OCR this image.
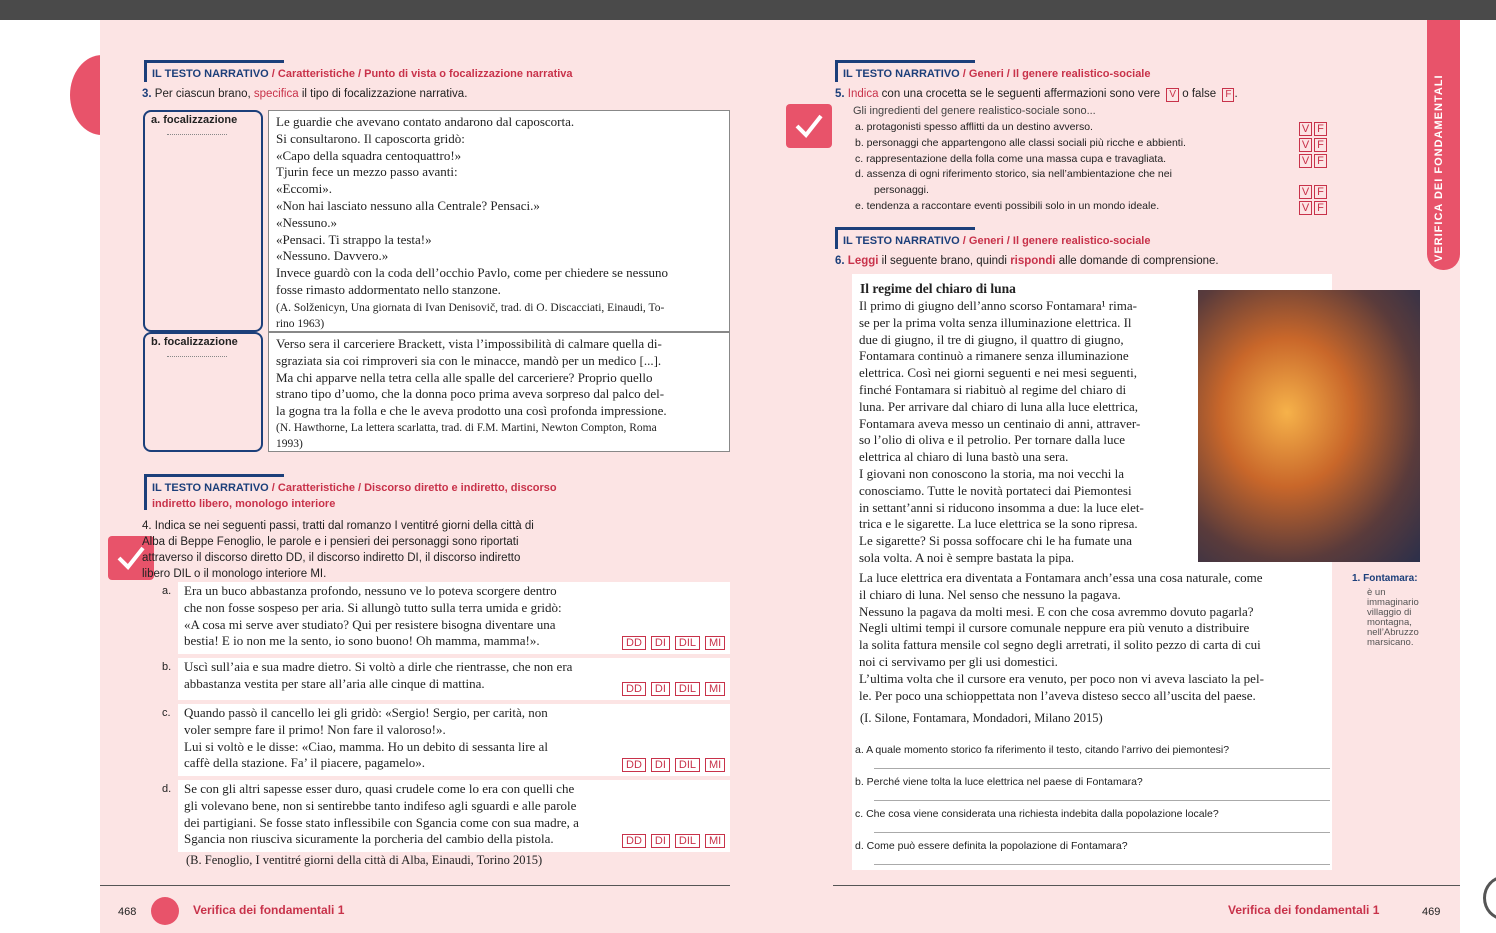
VERIFICA DEI FONDAMENTALI
IL TESTO NARRATIVO / Caratteristiche / Punto di vista o focalizzazione narrativa
3. Per ciascun brano, specifica il tipo di focalizzazione narrativa.
a. focalizzazione
b. focalizzazione
Le guardie che avevano contato andarono dal caposcorta.
Si consultarono. Il caposcorta gridò:
«Capo della squadra centoquattro!»
Tjurin fece un mezzo passo avanti:
«Eccomi».
«Non hai lasciato nessuno alla Centrale? Pensaci.»
«Nessuno.»
«Pensaci. Ti strappo la testa!»
«Nessuno. Davvero.»
Invece guardò con la coda dell’occhio Pavlo, come per chiedere se nessuno
fosse rimasto addormentato nello stanzone.
(A. Solženicyn, Una giornata di Ivan Denisovič, trad. di O. Discacciati, Einaudi, To-
rino 1963)
Verso sera il carceriere Brackett, vista l’impossibilità di calmare quella di-
sgraziata sia coi rimproveri sia con le minacce, mandò per un medico [...].
Ma chi apparve nella tetra cella alle spalle del carceriere? Proprio quello
strano tipo d’uomo, che la donna poco prima aveva sorpreso dal palco del-
la gogna tra la folla e che le aveva prodotto una così profonda impressione.
(N. Hawthorne, La lettera scarlatta, trad. di F.M. Martini, Newton Compton, Roma
1993)
IL TESTO NARRATIVO / Caratteristiche / Discorso diretto e indiretto, discorso
indiretto libero, monologo interiore
4. Indica se nei seguenti passi, tratti dal romanzo I ventitré giorni della città di
Alba di Beppe Fenoglio, le parole e i pensieri dei personaggi sono riportati
attraverso il discorso diretto DD, il discorso indiretto DI, il discorso indiretto
libero DIL o il monologo interiore MI.
a. Era un buco abbastanza profondo, nessuno ve lo poteva scorgere dentro
che non fosse sospeso per aria. Si allungò tutto sulla terra umida e gridò:
«A cosa mi serve aver studiato? Qui per resistere bisogna diventare una
bestia! E io non me la sento, io sono buono! Oh mamma, mamma!».	DD DI DIL MI
b. Uscì sull’aia e sua madre dietro. Si voltò a dirle che rientrasse, che non era
abbastanza vestita per stare all’aria alle cinque di mattina.	DD DI DIL MI
c. Quando passò il cancello lei gli gridò: «Sergio! Sergio, per carità, non
voler sempre fare il primo! Non fare il valoroso!».
Lui si voltò e le disse: «Ciao, mamma. Ho un debito di sessanta lire al
caffè della stazione. Fa’ il piacere, pagamelo».	DD DI DIL MI
d. Se con gli altri sapesse esser duro, quasi crudele come lo era con quelli che
gli volevano bene, non si sentirebbe tanto indifeso agli sguardi e alle parole
dei partigiani. Se fosse stato inflessibile con Sgancia come con sua madre, a
Sgancia non riusciva sicuramente la porcheria del cambio della pistola.	DD DI DIL MI
(B. Fenoglio, I ventitré giorni della città di Alba, Einaudi, Torino 2015)
468	Verifica dei fondamentali 1
IL TESTO NARRATIVO / Generi / Il genere realistico-sociale
5. Indica con una crocetta se le seguenti affermazioni sono vere V o false F .
Gli ingredienti del genere realistico-sociale sono...
a. protagonisti spesso afflitti da un destino avverso.	V F
b. personaggi che appartengono alle classi sociali più ricche e abbienti.	V F
c. rappresentazione della folla come una massa cupa e travagliata.	V F
d. assenza di ogni riferimento storico, sia nell’ambientazione che nei
personaggi.	V F
e. tendenza a raccontare eventi possibili solo in un mondo ideale.	V F
IL TESTO NARRATIVO / Generi / Il genere realistico-sociale
6. Leggi il seguente brano, quindi rispondi alle domande di comprensione.
Il regime del chiaro di luna
Il primo di giugno dell’anno scorso Fontamara¹ rima-
se per la prima volta senza illuminazione elettrica. Il
due di giugno, il tre di giugno, il quattro di giugno,
Fontamara continuò a rimanere senza illuminazione
elettrica. Così nei giorni seguenti e nei mesi seguenti,
finché Fontamara si riabituò al regime del chiaro di
luna. Per arrivare dal chiaro di luna alla luce elettrica,
Fontamara aveva messo un centinaio di anni, attraver-
so l’olio di oliva e il petrolio. Per tornare dalla luce
elettrica al chiaro di luna bastò una sera.
I giovani non conoscono la storia, ma noi vecchi la
conosciamo. Tutte le novità portateci dai Piemontesi
in settant’anni si riducono insomma a due: la luce elet-
trica e le sigarette. La luce elettrica se la sono ripresa.
Le sigarette? Si possa soffocare chi le ha fumate una
sola volta. A noi è sempre bastata la pipa.
La luce elettrica era diventata a Fontamara anch’essa una cosa naturale, come
il chiaro di luna. Nel senso che nessuno la pagava.
Nessuno la pagava da molti mesi. E con che cosa avremmo dovuto pagarla?
Negli ultimi tempi il cursore comunale neppure era più venuto a distribuire
la solita fattura mensile col segno degli arretrati, il solito pezzo di carta di cui
noi ci servivamo per gli usi domestici.
L’ultima volta che il cursore era venuto, per poco non vi aveva lasciato la pel-
le. Per poco una schioppettata non l’aveva disteso secco all’uscita del paese.
(I. Silone, Fontamara, Mondadori, Milano 2015)
1. Fontamara:
è un
immaginario
villaggio di
montagna,
nell’Abruzzo
marsicano.
a. A quale momento storico fa riferimento il testo, citando l’arrivo dei piemontesi?
b. Perché viene tolta la luce elettrica nel paese di Fontamara?
c. Che cosa viene considerata una richiesta indebita dalla popolazione locale?
d. Come può essere definita la popolazione di Fontamara?
Verifica dei fondamentali 1	469
